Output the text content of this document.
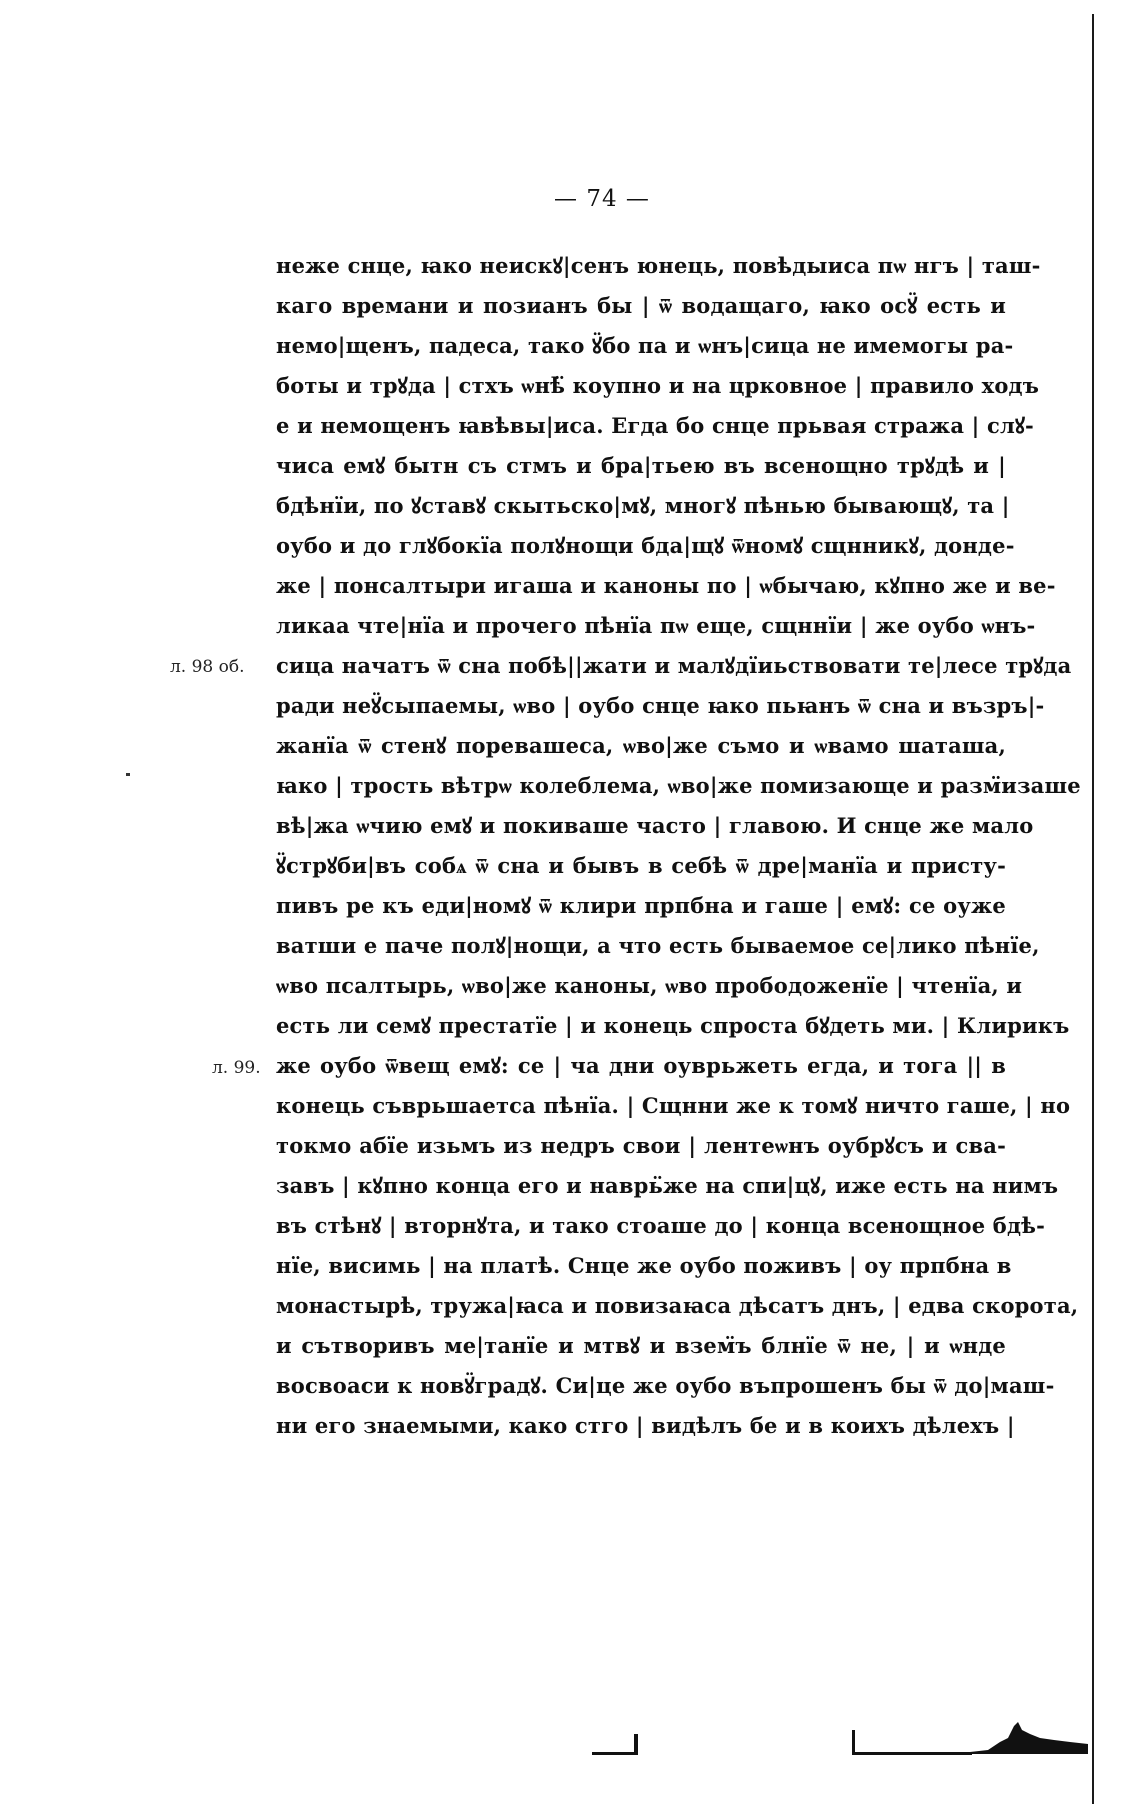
— 74 —
л. 98 об.
л. 99.
неже снце, ꙗко неискꙋ|сенъ юнець, повѣдыиса пѡ нгъ | таш-
каго времани и позианъ бы | ѿ водащаго, ꙗко осꙋ̈ есть и
немо|щенъ, падеса, тако ꙋ̈бо па и ѡнъ|сица не имемогы ра-
боты и трꙋда | стхъ ѡнѣ̈ коупно и на црковнoе | правило ходъ
е и немощенъ ꙗвѣвы|иса. Егда бо снце прьвая стража | слꙋ-
чиса емꙋ бытн съ стмъ и бра|тьею въ всенощно трꙋдѣ и |
бдѣнїи, по ꙋставꙋ скытьско|мꙋ, мнoгꙋ пѣнью бывающꙋ, та |
оубо и до глꙋбокїа полꙋнощи бда|щꙋ ѿномꙋ сщнникꙋ, донде-
же | понсалтыри игаша и каноны по | ѡбычаю, кꙋпно же и ве-
ликаа чте|нїа и прочего пѣнїа пѡ еще, сщннїи | же оубо ѡнъ-
сица начатъ ѿ сна побѣ||жати и малꙋдїиьствовати те|лесе трꙋда
ради неꙋ̈сыпаемы, ѡво | оубо снце ꙗко пьꙗнъ ѿ сна и възръ|-
жанїа ѿ стенꙋ поревашеса, ѡво|же съмо и ѡвамо шаташа,
ꙗко | трость вѣтрѡ колеблема, ѡво|же помизающе и разм̈изаше
вѣ|жа ѡчию емꙋ и покиваше часто | главою. И снце же мало
ꙋ̈стрꙋби|въ собѧ ѿ сна и бывъ в себѣ ѿ дре|манїа и присту-
пивъ ре къ еди|номꙋ ѿ клири прпбна и гаше | емꙋ: се оуже
ватши е паче полꙋ|нощи, а что есть бываемое се|лико пѣнїе,
ѡво псалтырь, ѡво|же каноны, ѡво прободоженїе | чтенїа, и
есть ли семꙋ престатїе | и конець спроста бꙋдеть ми. | Клирикъ
же оубо ѿвещ емꙋ: се | ча дни оуврьжеть егда, и тога || в
конець съврьшаетса пѣнїа. | Сщнни же к томꙋ ничто гаше, | но
токмо абїе изьмъ из недръ свои | лентеѡнъ оубрꙋсъ и сва-
завъ | кꙋпно конца его и наврь̈же на спи|цꙋ, иже есть на нимъ
въ стѣнꙋ | вторнꙋта, и тако стоаше до | конца всенощное бдѣ-
нїе, висимь | на платѣ. Снце же оубо поживъ | оу прпбна в
монастырѣ, тружа|ꙗса и повизаꙗса дѣсатъ днъ, | едва скорота,
и сътворивъ ме|танїе и мтвꙋ и взем̈ъ блнїе ѿ не, | и ѡнде
восвоаси к новꙋ̈градꙋ. Си|це же оубо въпрошенъ бы ѿ до|маш-
ни его знаемыми, како стго | видѣлъ бе и в коихъ дѣлехъ |
